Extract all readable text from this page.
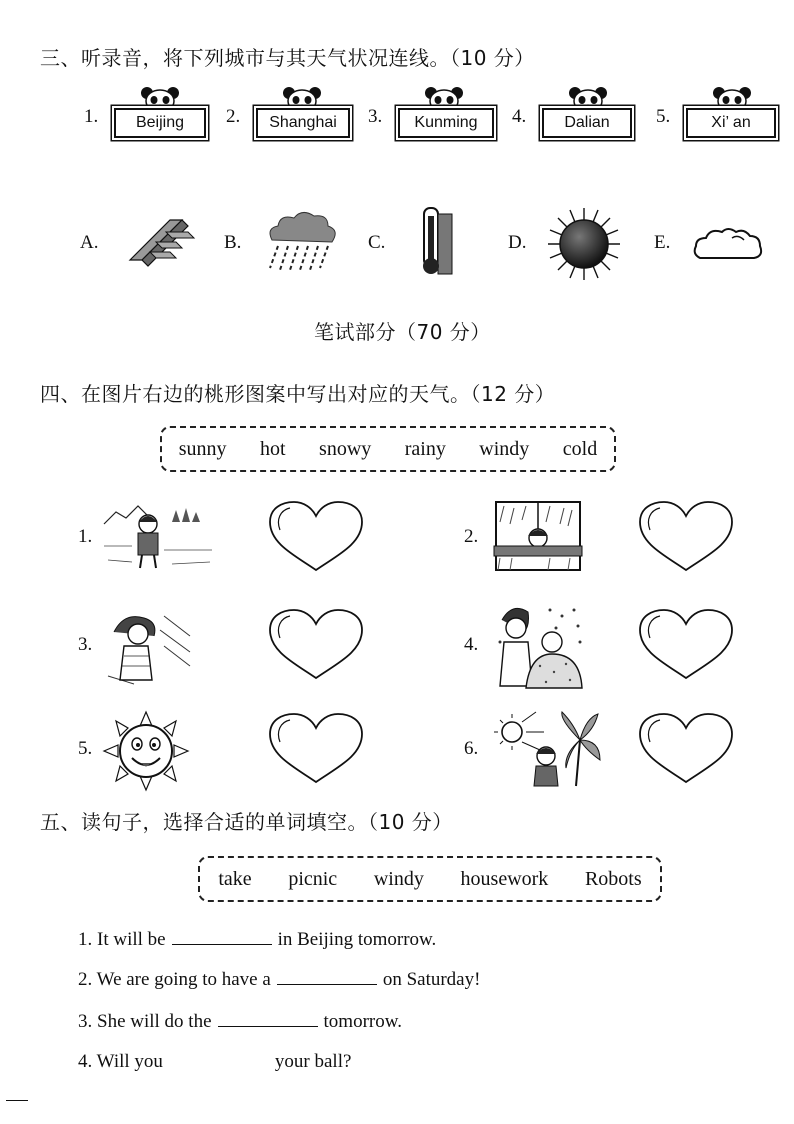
三、听录音，将下列城市与其天气状况连线。（10 分）
1.	Beijing	2.	Shanghai	3.	Kunming	4.	Dalian	5.	Xi’ an
A.	B.	C.	D.	E.
笔试部分（70 分）
四、在图片右边的桃形图案中写出对应的天气。（12 分）
sunny hot snowy rainy windy cold
1.	2.
3.	4.
5.	6.
五、读句子，选择合适的单词填空。（10 分）
take picnic windy housework Robots
1. It will be	in Beijing tomorrow.
2. We are going to have a	on Saturday!
3. She will do the	tomorrow.
4. Will you	your ball?
